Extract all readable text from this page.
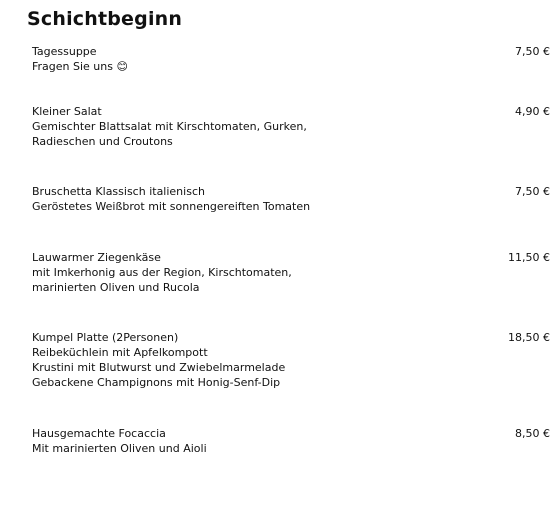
Schichtbeginn
Tagessuppe
Fragen Sie uns 😊
7,50 €
Kleiner Salat
Gemischter Blattsalat mit Kirschtomaten, Gurken,
Radieschen und Croutons
4,90 €
Bruschetta Klassisch italienisch
Geröstetes Weißbrot mit sonnengereiften Tomaten
7,50 €
Lauwarmer Ziegenkäse
mit Imkerhonig aus der Region, Kirschtomaten,
marinierten Oliven und Rucola
11,50 €
Kumpel Platte (2Personen)
Reibeküchlein mit Apfelkompott
Krustini mit Blutwurst und Zwiebelmarmelade
Gebackene Champignons mit Honig-Senf-Dip
18,50 €
Hausgemachte Focaccia
Mit marinierten Oliven und Aioli
8,50 €
